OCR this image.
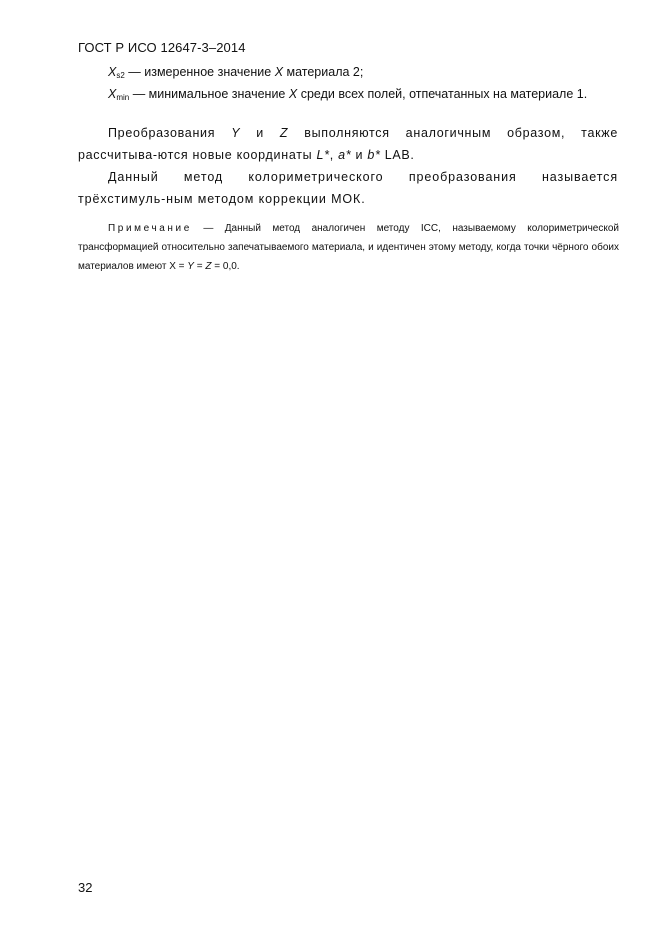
ГОСТ Р ИСО 12647-3–2014
$X_{s2}$ — измеренное значение X материала 2;
$X_{min}$ — минимальное значение X среди всех полей, отпечатанных на материале 1.
Преобразования Y и Z выполняются аналогичным образом, также рассчитыва-ются новые координаты L*, a* и b* LAB.
Данный метод колориметрического преобразования называется трёхстимуль-ным методом коррекции МОК.
Примечание — Данный метод аналогичен методу ICC, называемому колориметрической трансформацией относительно запечатываемого материала, и идентичен этому методу, когда точки чёрного обоих материалов имеют X = Y = Z = 0,0.
32
